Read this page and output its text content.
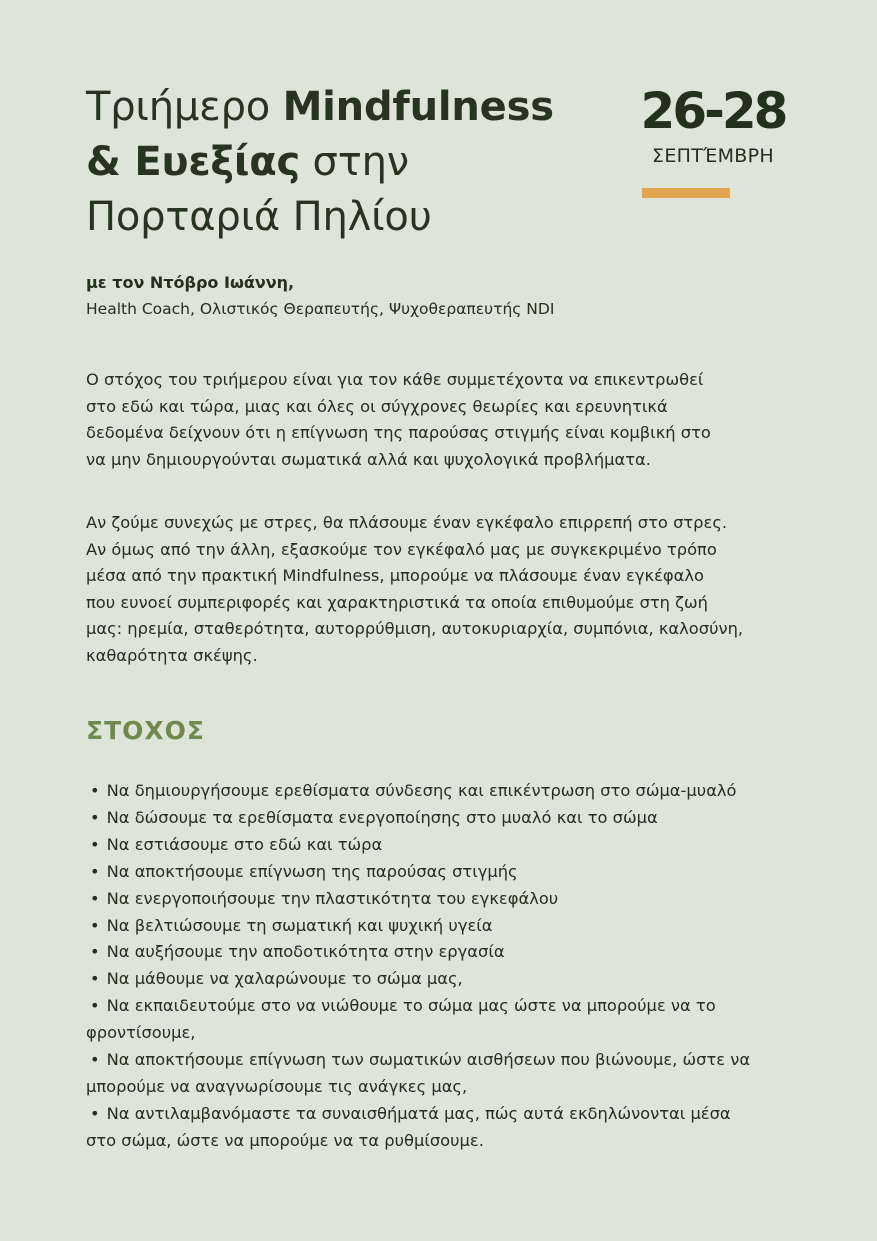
Τριήμερο Mindfulness
& Ευεξίας στην
Πορταριά Πηλίου
26-28
ΣΕΠΤΈΜΒΡΗ
με τον Ντόβρο Ιωάννη,
Health Coach, Ολιστικός Θεραπευτής, Ψυχοθεραπευτής NDI

Ο στόχος του τριήμερου είναι για τον κάθε συμμετέχοντα να επικεντρωθεί
στο εδώ και τώρα, μιας και όλες οι σύγχρονες θεωρίες και ερευνητικά
δεδομένα δείχνουν ότι η επίγνωση της παρούσας στιγμής είναι κομβική στο
να μην δημιουργούνται σωματικά αλλά και ψυχολογικά προβλήματα.

Αν ζούμε συνεχώς με στρες, θα πλάσουμε έναν εγκέφαλο επιρρεπή στο στρες.
Αν όμως από την άλλη, εξασκούμε τον εγκέφαλό μας με συγκεκριμένο τρόπο
μέσα από την πρακτική Mindfulness, μπορούμε να πλάσουμε έναν εγκέφαλο
που ευνοεί συμπεριφορές και χαρακτηριστικά τα οποία επιθυμούμε στη ζωή
μας: ηρεμία, σταθερότητα, αυτορρύθμιση, αυτοκυριαρχία, συμπόνια, καλοσύνη,
καθαρότητα σκέψης.

ΣΤΟΧΟΣ
• Να δημιουργήσουμε ερεθίσματα σύνδεσης και επικέντρωση στο σώμα-μυαλό
• Να δώσουμε τα ερεθίσματα ενεργοποίησης στο μυαλό και το σώμα
• Να εστιάσουμε στο εδώ και τώρα
• Να αποκτήσουμε επίγνωση της παρούσας στιγμής
• Να ενεργοποιήσουμε την πλαστικότητα του εγκεφάλου
• Να βελτιώσουμε τη σωματική και ψυχική υγεία
• Να αυξήσουμε την αποδοτικότητα στην εργασία
• Να μάθουμε να χαλαρώνουμε το σώμα μας,
• Να εκπαιδευτούμε στο να νιώθουμε το σώμα μας ώστε να μπορούμε να το
φροντίσουμε,
• Να αποκτήσουμε επίγνωση των σωματικών αισθήσεων που βιώνουμε, ώστε να
μπορούμε να αναγνωρίσουμε τις ανάγκες μας,
• Να αντιλαμβανόμαστε τα συναισθήματά μας, πώς αυτά εκδηλώνονται μέσα
στο σώμα, ώστε να μπορούμε να τα ρυθμίσουμε.
